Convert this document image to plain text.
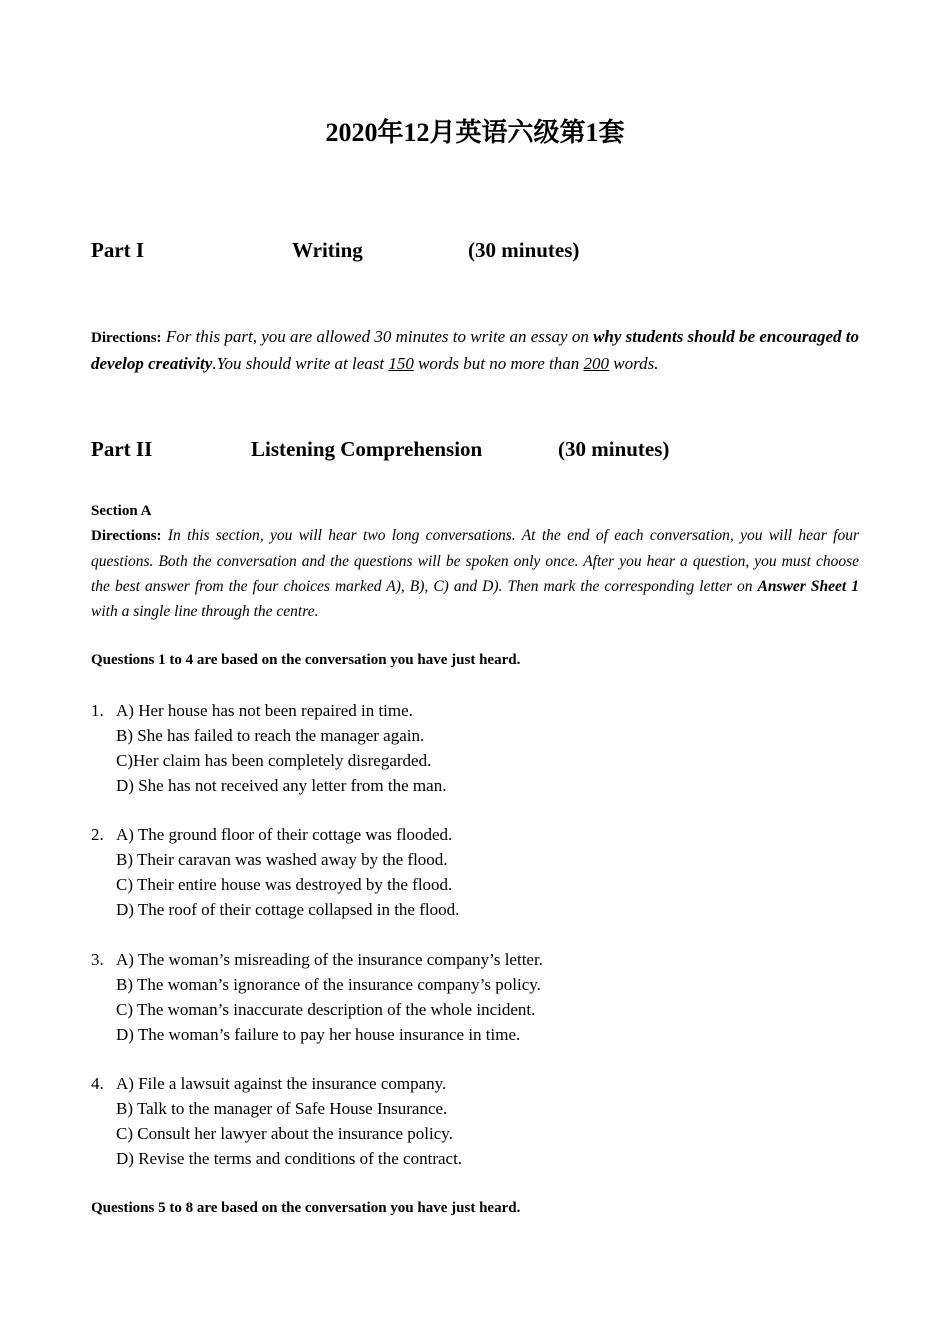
2020年12月英语六级第1套
Part I	Writing	(30 minutes)
Directions: For this part, you are allowed 30 minutes to write an essay on why students should be encouraged to develop creativity.You should write at least 150 words but no more than 200 words.
Part II	Listening Comprehension	(30 minutes)
Section A
Directions: In this section, you will hear two long conversations. At the end of each conversation, you will hear four questions. Both the conversation and the questions will be spoken only once. After you hear a question, you must choose the best answer from the four choices marked A), B), C) and D). Then mark the corresponding letter on Answer Sheet 1 with a single line through the centre.
Questions 1 to 4 are based on the conversation you have just heard.
1. A) Her house has not been repaired in time.
B) She has failed to reach the manager again.
C)Her claim has been completely disregarded.
D) She has not received any letter from the man.
2. A) The ground floor of their cottage was flooded.
B) Their caravan was washed away by the flood.
C) Their entire house was destroyed by the flood.
D) The roof of their cottage collapsed in the flood.
3. A) The woman’s misreading of the insurance company’s letter.
B) The woman’s ignorance of the insurance company’s policy.
C) The woman’s inaccurate description of the whole incident.
D) The woman’s failure to pay her house insurance in time.
4. A) File a lawsuit against the insurance company.
B) Talk to the manager of Safe House Insurance.
C) Consult her lawyer about the insurance policy.
D) Revise the terms and conditions of the contract.
Questions 5 to 8 are based on the conversation you have just heard.
